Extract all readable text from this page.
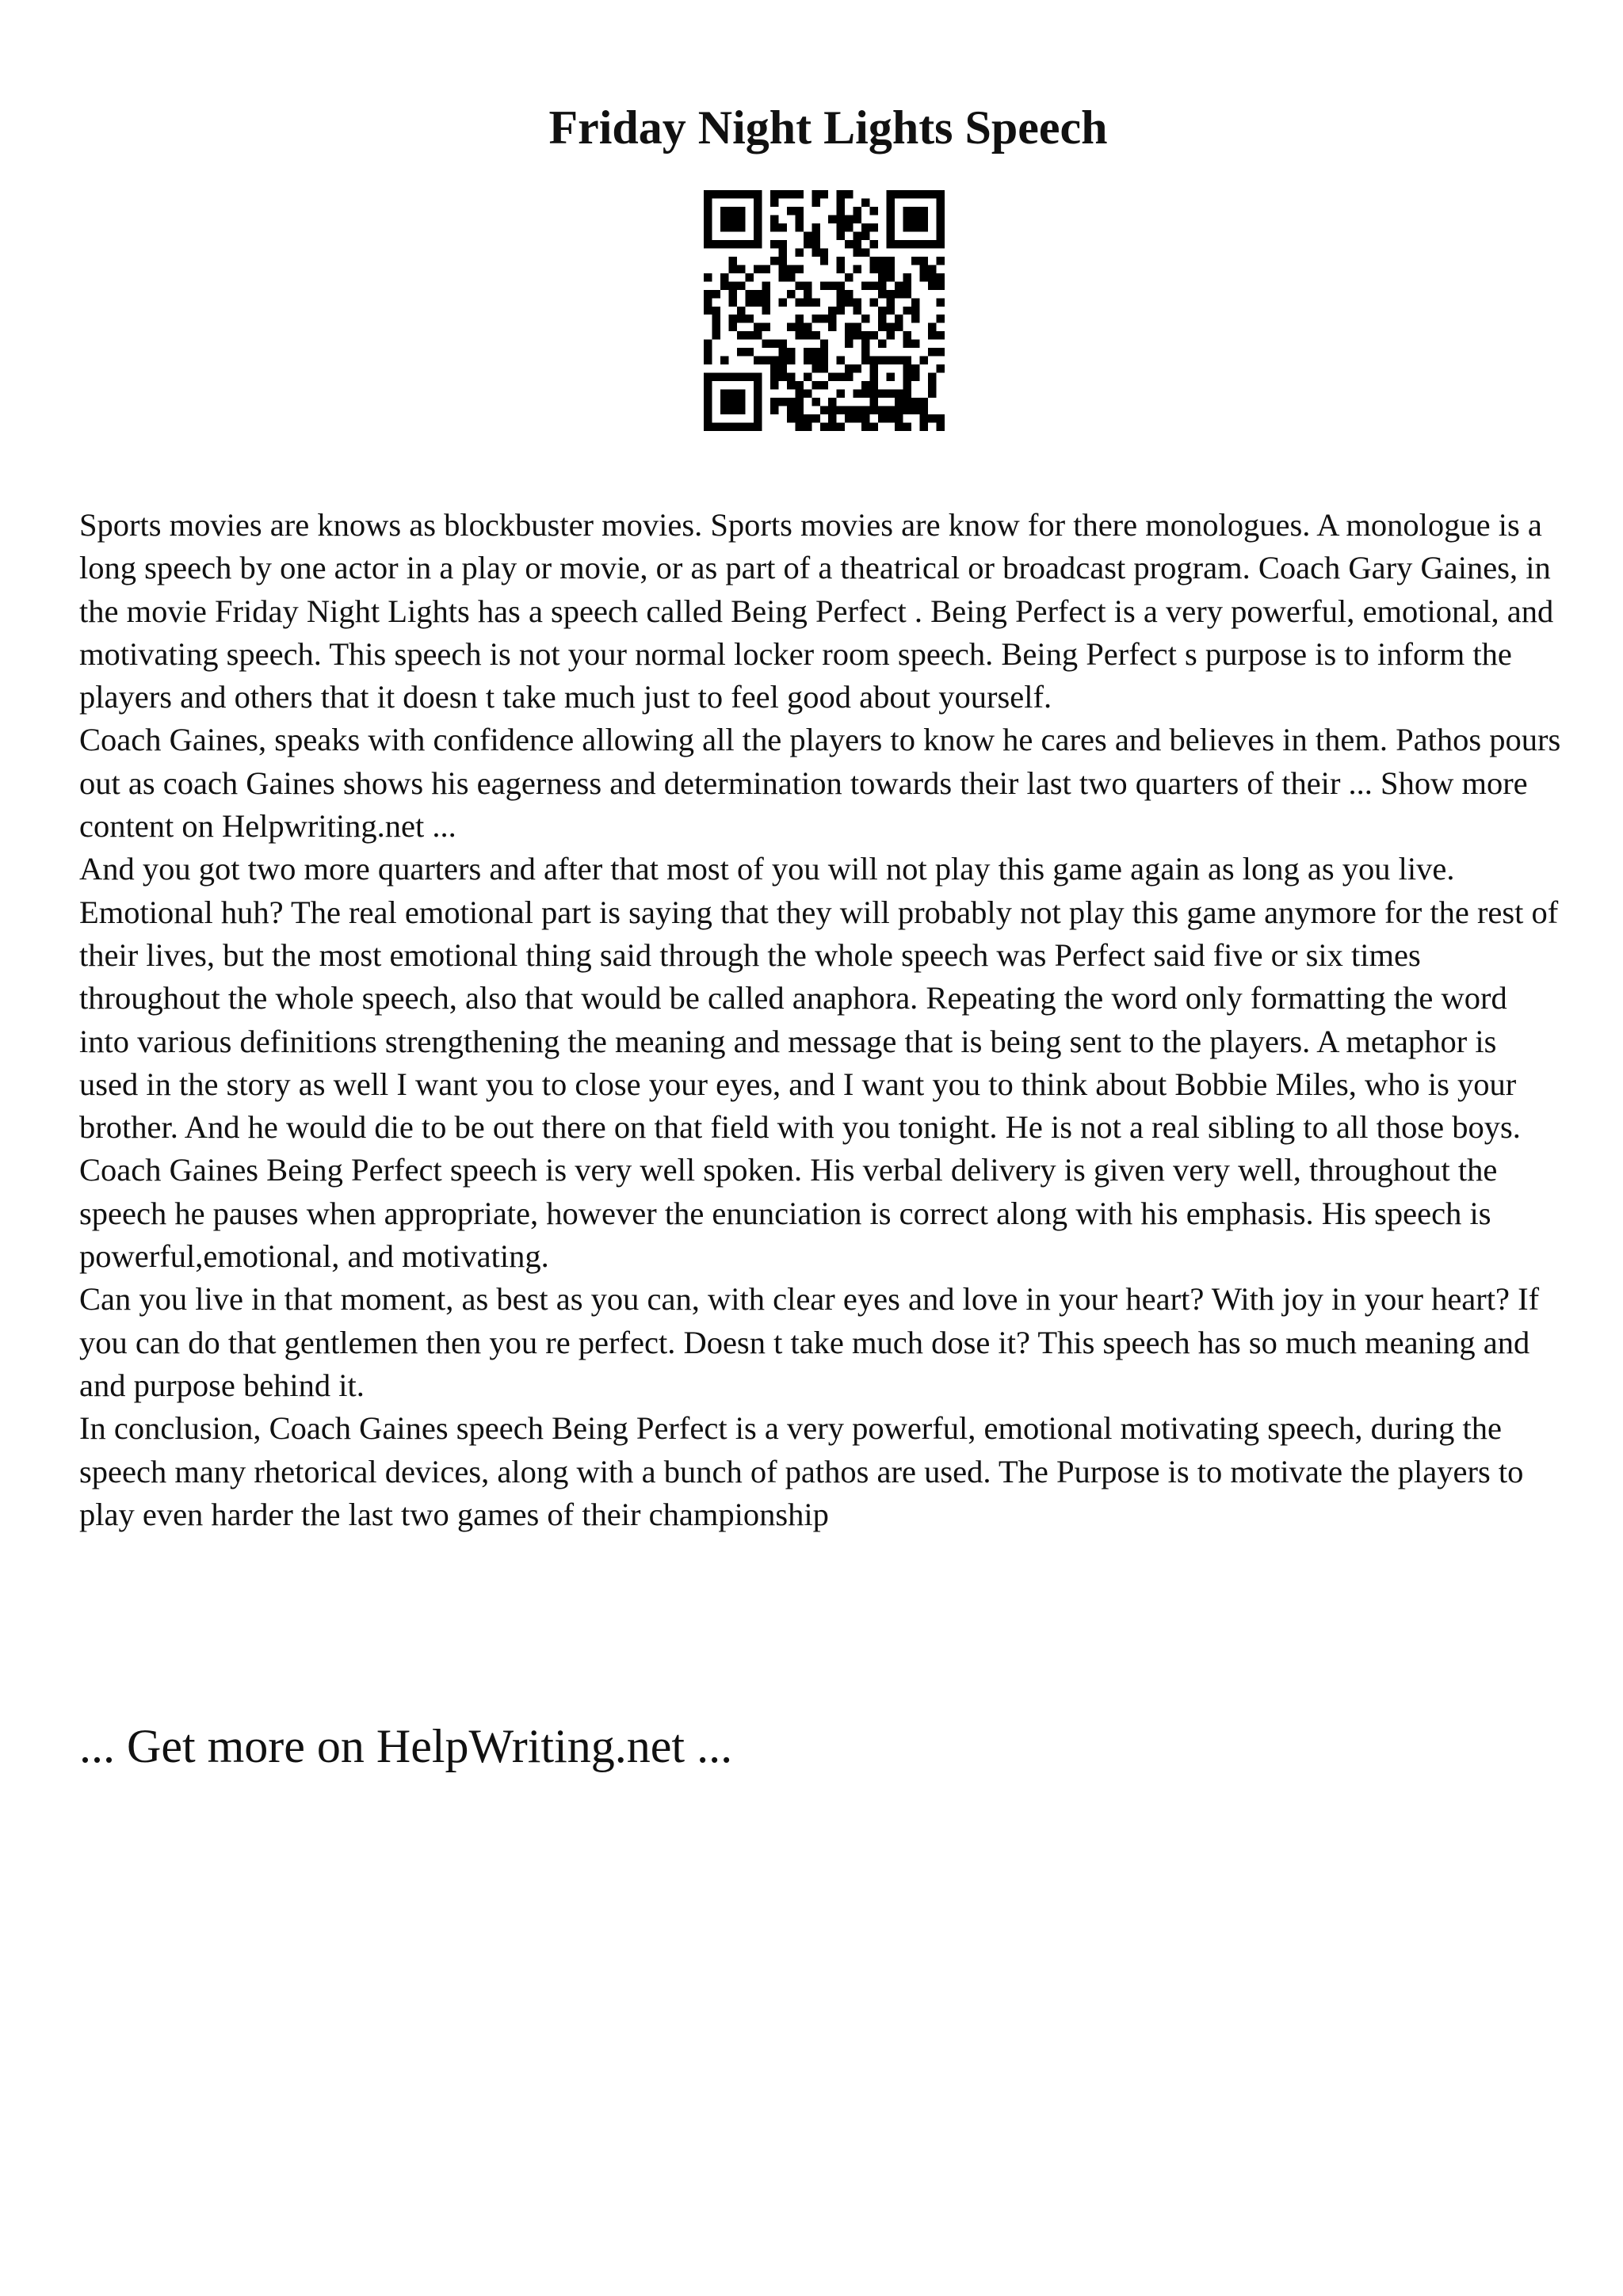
Friday Night Lights Speech

Sports movies are knows as blockbuster movies. Sports movies are know for there monologues. A monologue is a long speech by one actor in a play or movie, or as part of a theatrical or broadcast program. Coach Gary Gaines, in the movie Friday Night Lights has a speech called Being Perfect . Being Perfect is a very powerful, emotional, and motivating speech. This speech is not your normal locker room speech. Being Perfect s purpose is to inform the players and others that it doesn t take much just to feel good about yourself.

Coach Gaines, speaks with confidence allowing all the players to know he cares and believes in them. Pathos pours out as coach Gaines shows his eagerness and determination towards their last two quarters of their ... Show more content on Helpwriting.net ...

And you got two more quarters and after that most of you will not play this game again as long as you live. Emotional huh? The real emotional part is saying that they will probably not play this game anymore for the rest of their lives, but the most emotional thing said through the whole speech was Perfect said five or six times throughout the whole speech, also that would be called anaphora. Repeating the word only formatting the word into various definitions strengthening the meaning and message that is being sent to the players. A metaphor is used in the story as well I want you to close your eyes, and I want you to think about Bobbie Miles, who is your brother. And he would die to be out there on that field with you tonight. He is not a real sibling to all those boys.

Coach Gaines Being Perfect speech is very well spoken. His verbal delivery is given very well, throughout the speech he pauses when appropriate, however the enunciation is correct along with his emphasis. His speech is powerful,emotional, and motivating.

Can you live in that moment, as best as you can, with clear eyes and love in your heart? With joy in your heart? If you can do that gentlemen then you re perfect. Doesn t take much dose it? This speech has so much meaning and and purpose behind it.

In conclusion, Coach Gaines speech Being Perfect is a very powerful, emotional motivating speech, during the speech many rhetorical devices, along with a bunch of pathos are used. The Purpose is to motivate the players to play even harder the last two games of their championship

... Get more on HelpWriting.net ...
